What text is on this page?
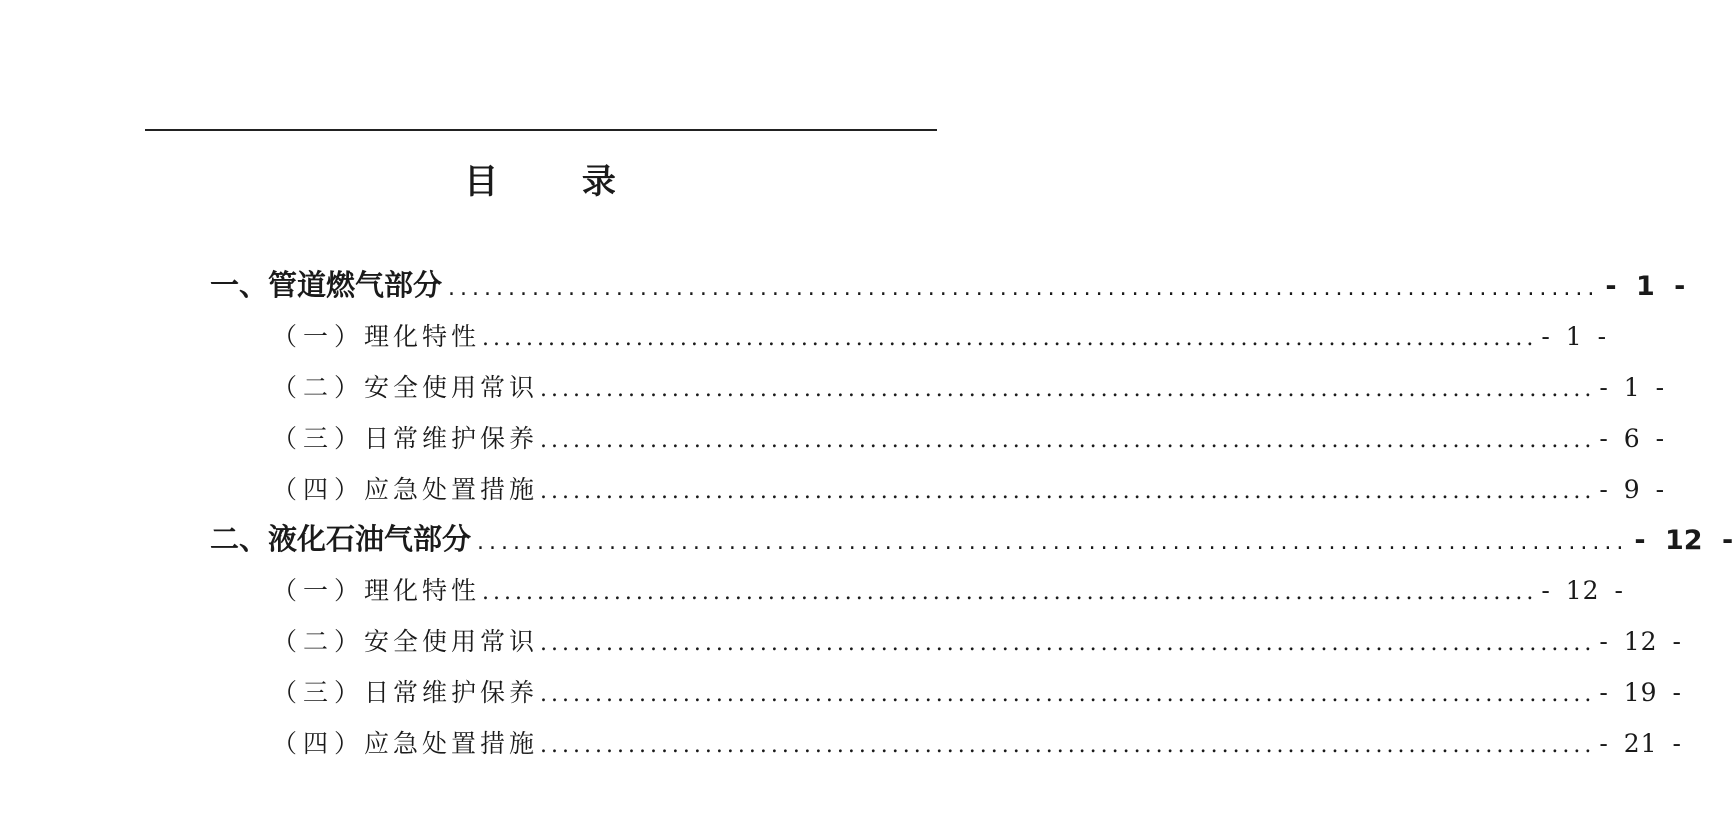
目 录
一、管道燃气部分 ................................................................................................ - 1 -
（一）
理化特性 ................................................................................................ - 1 -
（二）
安全使用常识 ................................................................................................ - 1 -
（三）
日常维护保养 ................................................................................................ - 6 -
（四）
应急处置措施 ................................................................................................ - 9 -
二、液化石油气部分 ................................................................................................ - 12 -
（一）
理化特性 ................................................................................................ - 12 -
（二）
安全使用常识 ................................................................................................ - 12 -
（三）
日常维护保养 ................................................................................................ - 19 -
（四）
应急处置措施 ................................................................................................ - 21 -
